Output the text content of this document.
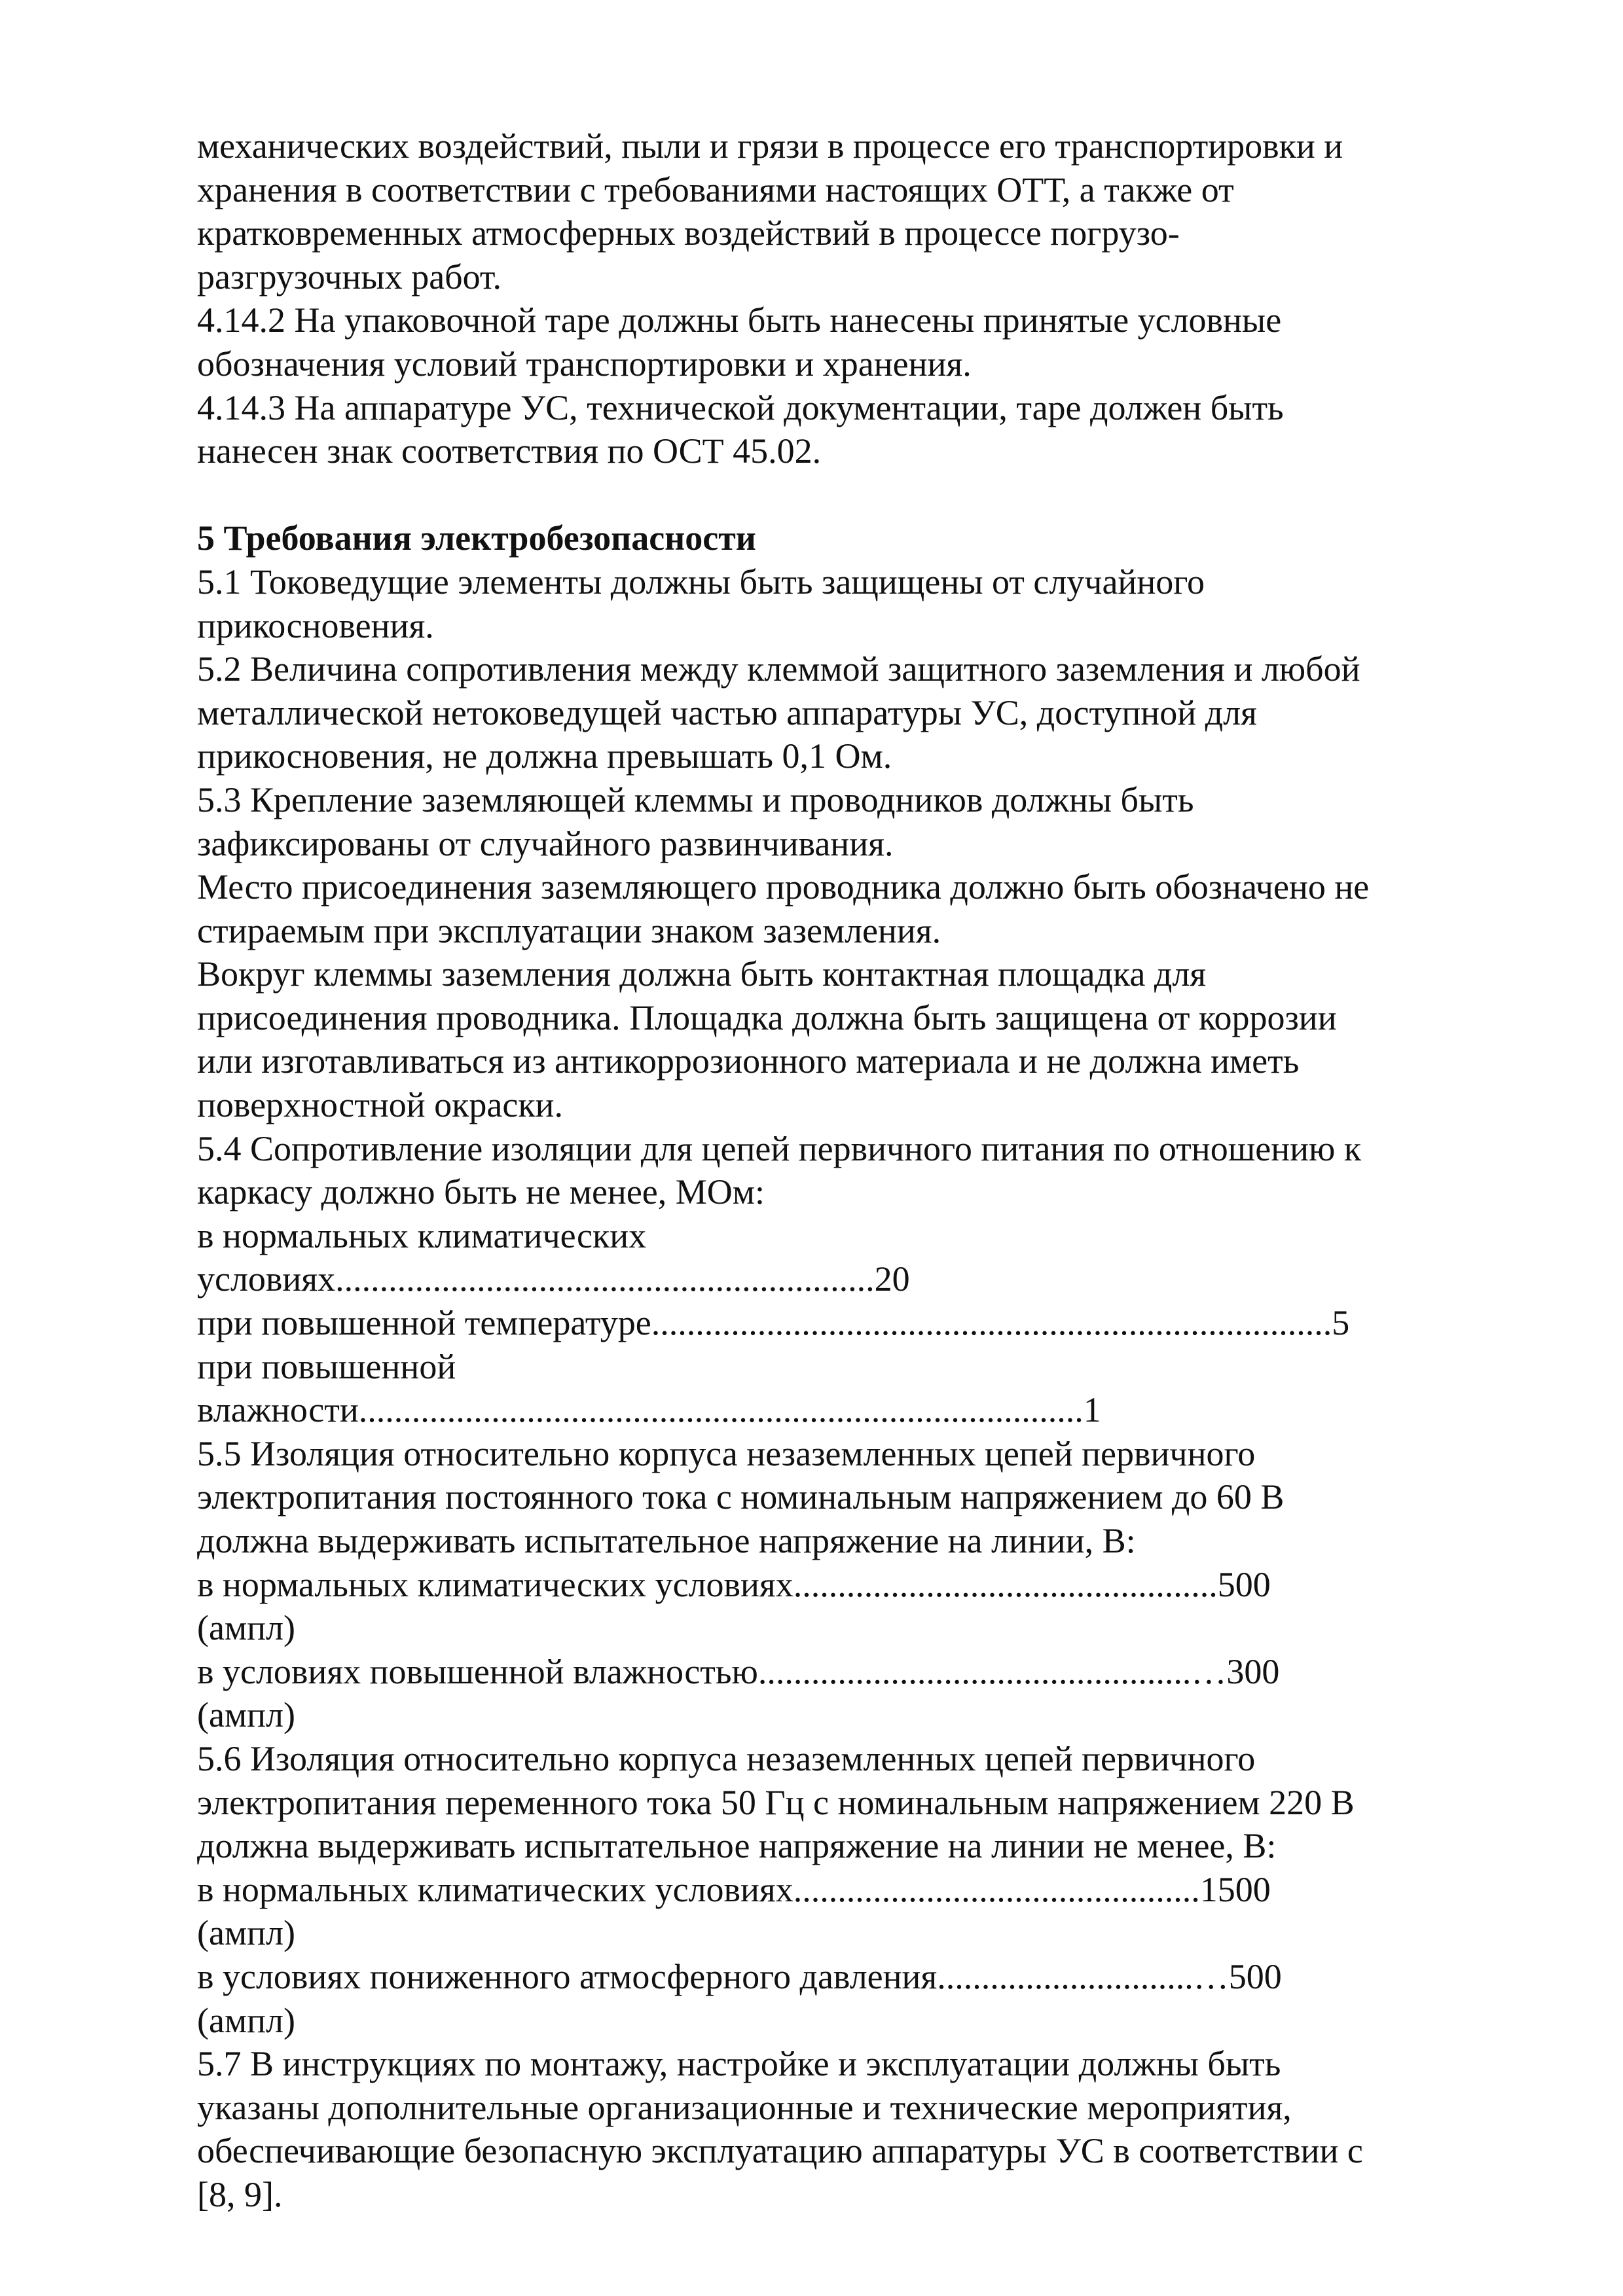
механических воздействий, пыли и грязи в процессе его транспортировки и
хранения в соответствии с требованиями настоящих ОТТ, а также от
кратковременных атмосферных воздействий в процессе погрузо-
разгрузочных работ.
4.14.2 На упаковочной таре должны быть нанесены принятые условные
обозначения условий транспортировки и хранения.
4.14.3 На аппаратуре УС, технической документации, таре должен быть
нанесен знак соответствия по ОСТ 45.02.
5 Требования электробезопасности
5.1 Токоведущие элементы должны быть защищены от случайного
прикосновения.
5.2 Величина сопротивления между клеммой защитного заземления и любой
металлической нетоковедущей частью аппаратуры УС, доступной для
прикосновения, не должна превышать 0,1 Ом.
5.3 Крепление заземляющей клеммы и проводников должны быть
зафиксированы от случайного развинчивания.
Место присоединения заземляющего проводника должно быть обозначено не
стираемым при эксплуатации знаком заземления.
Вокруг клеммы заземления должна быть контактная площадка для
присоединения проводника. Площадка должна быть защищена от коррозии
или изготавливаться из антикоррозионного материала и не должна иметь
поверхностной окраски.
5.4 Сопротивление изоляции для цепей первичного питания по отношению к
каркасу должно быть не менее, МОм:
в нормальных климатических
условиях.............................................................20
при повышенной температуре.............................................................................5
при повышенной
влажности..................................................................................1
5.5 Изоляция относительно корпуса незаземленных цепей первичного
электропитания постоянного тока с номинальным напряжением до 60 В
должна выдерживать испытательное напряжение на линии, В:
в нормальных климатических условиях................................................500
(ампл)
в условиях повышенной влажностью.................................................…300
(ампл)
5.6 Изоляция относительно корпуса незаземленных цепей первичного
электропитания переменного тока 50 Гц с номинальным напряжением 220 В
должна выдерживать испытательное напряжение на линии не менее, В:
в нормальных климатических условиях..............................................1500
(ампл)
в условиях пониженного атмосферного давления.............................…500
(ампл)
5.7 В инструкциях по монтажу, настройке и эксплуатации должны быть
указаны дополнительные организационные и технические мероприятия,
обеспечивающие безопасную эксплуатацию аппаратуры УС в соответствии с
[8, 9].
